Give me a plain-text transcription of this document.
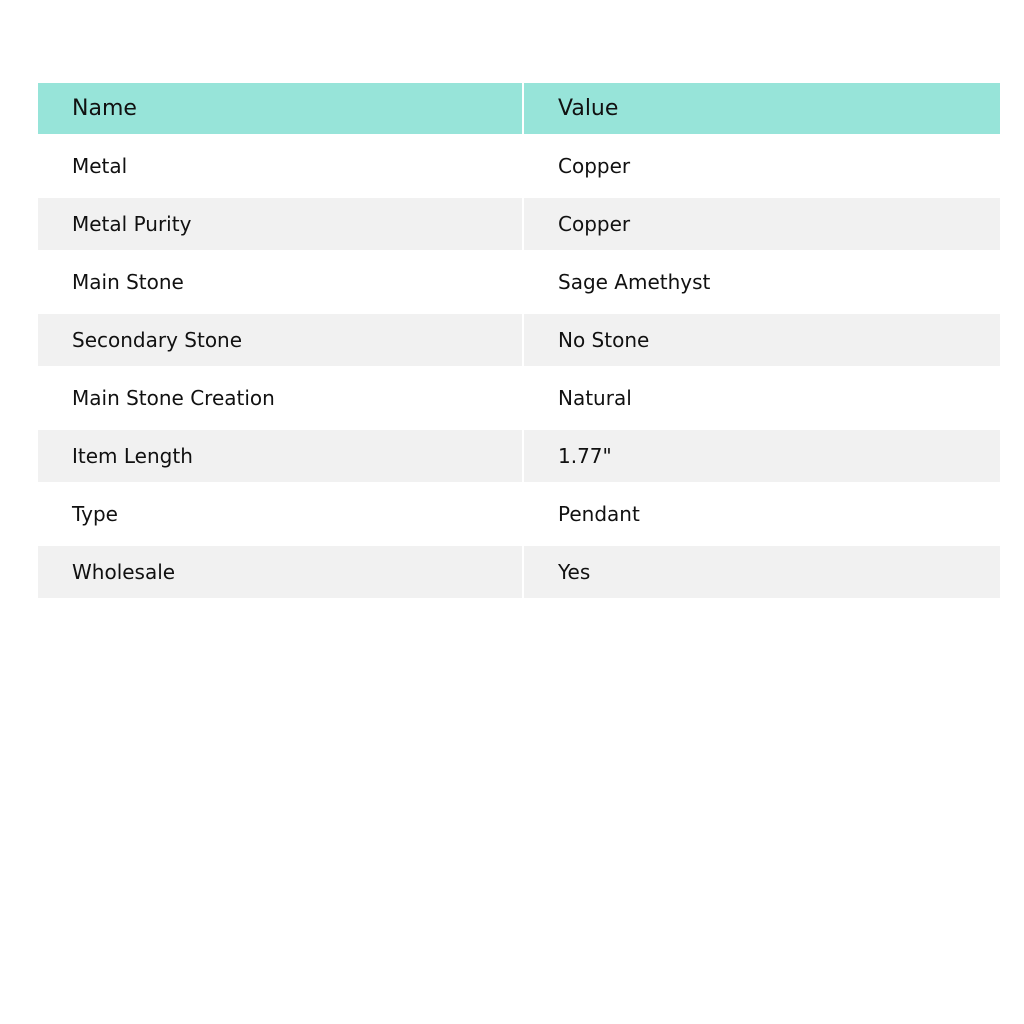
Name	Value
Metal	Copper
Metal Purity	Copper
Main Stone	Sage Amethyst
Secondary Stone	No Stone
Main Stone Creation	Natural
Item Length	1.77"
Type	Pendant
Wholesale	Yes
